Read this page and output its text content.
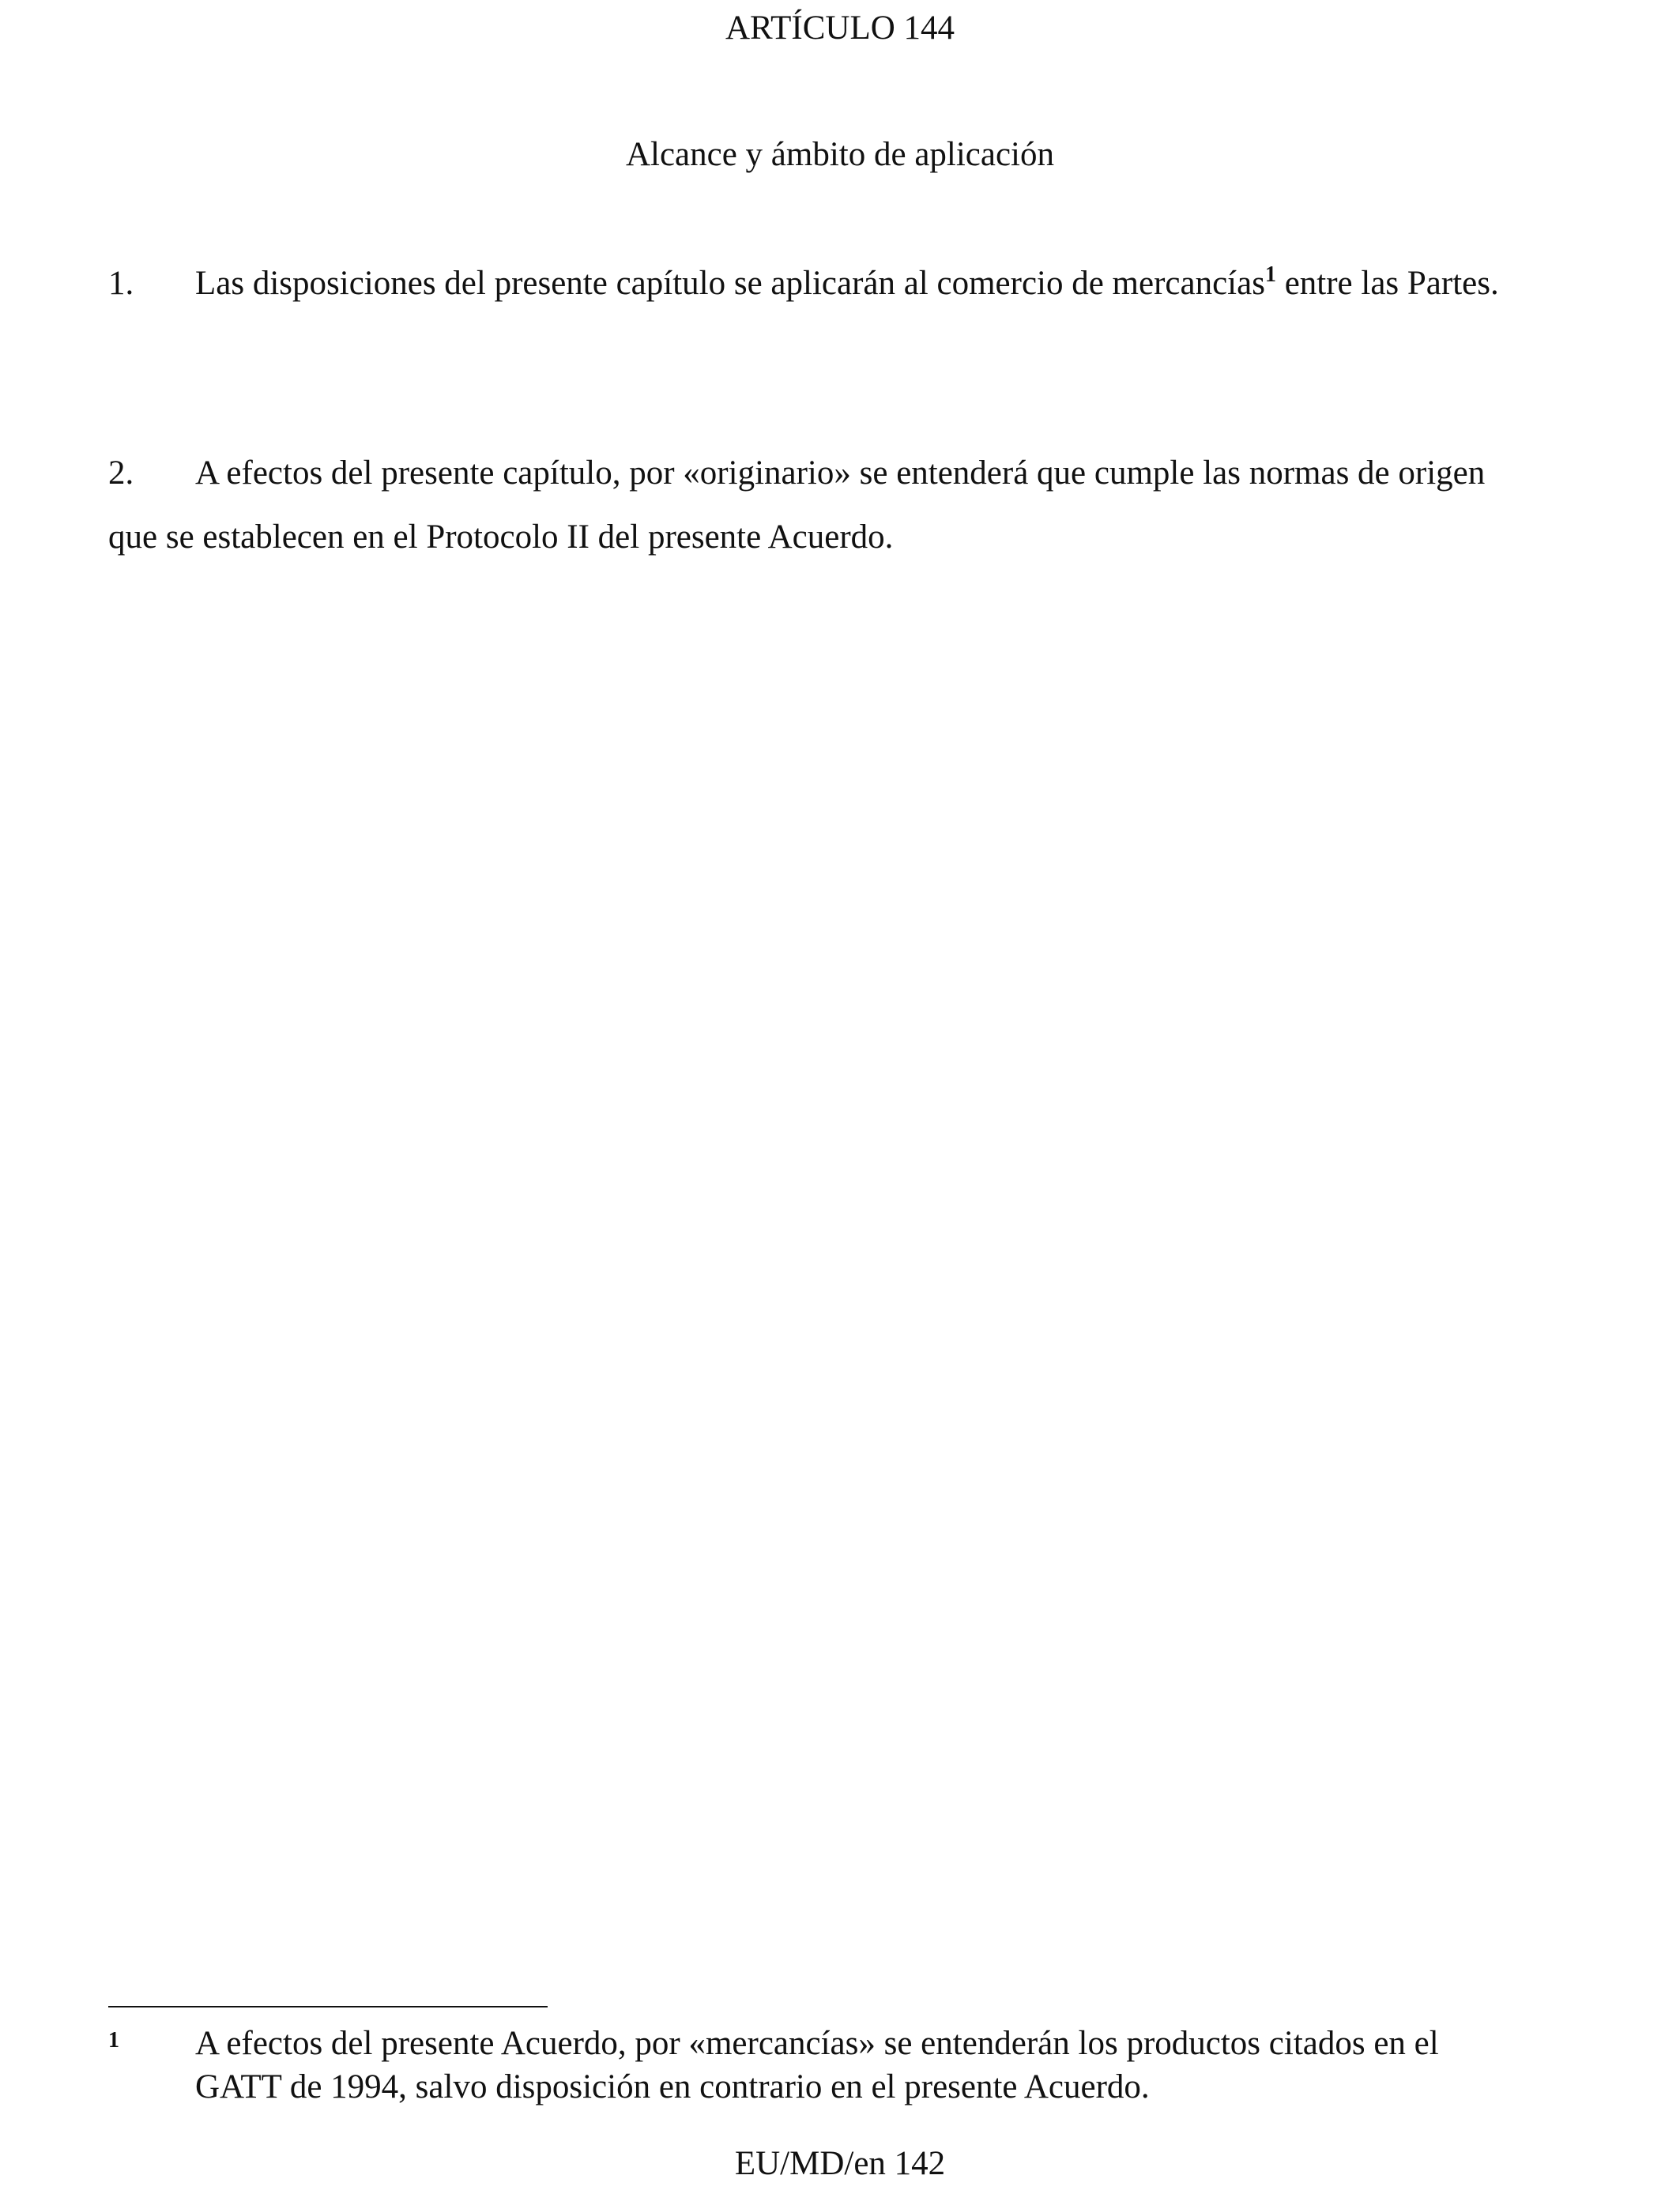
ARTÍCULO 144
Alcance y ámbito de aplicación

1. Las disposiciones del presente capítulo se aplicarán al comercio de mercancías$^1$ entre las Partes.

2. A efectos del presente capítulo, por «originario» se entenderá que cumple las normas de origen que se establecen en el Protocolo II del presente Acuerdo.

1 A efectos del presente Acuerdo, por «mercancías» se entenderán los productos citados en el GATT de 1994, salvo disposición en contrario en el presente Acuerdo.
EU/MD/en 142
